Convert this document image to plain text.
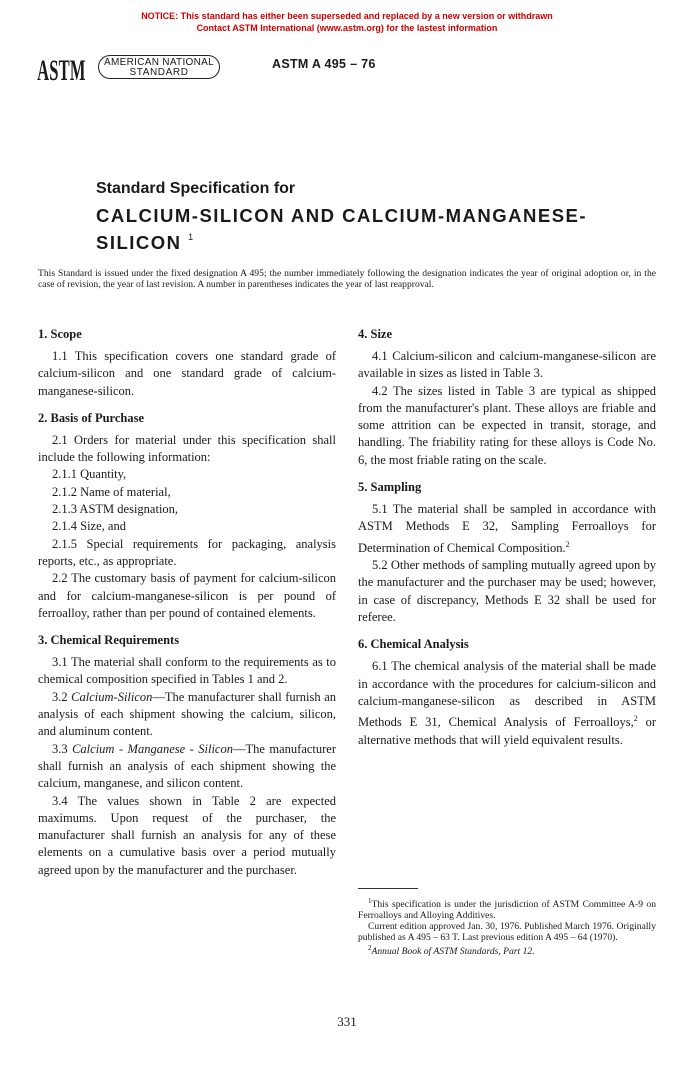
NOTICE: This standard has either been superseded and replaced by a new version or withdrawn
Contact ASTM International (www.astm.org) for the lastest information
ASTM	AMERICAN NATIONAL
STANDARD
ASTM A 495 – 76
Standard Specification for
CALCIUM-SILICON AND CALCIUM-MANGANESE-
SILICON $^1$
This Standard is issued under the fixed designation A 495; the number immediately following the designation indicates the year of original adoption or, in the case of revision, the year of last revision. A number in parentheses indicates the year of last reapproval.
1. Scope

1.1 This specification covers one standard grade of calcium-silicon and one standard grade of calcium-manganese-silicon.

2. Basis of Purchase

2.1 Orders for material under this specification shall include the following information:

2.1.1 Quantity,

2.1.2 Name of material,

2.1.3 ASTM designation,

2.1.4 Size, and

2.1.5 Special requirements for packaging, analysis reports, etc., as appropriate.

2.2 The customary basis of payment for calcium-silicon and for calcium-manganese-silicon is per pound of ferroalloy, rather than per pound of contained elements.

3. Chemical Requirements

3.1 The material shall conform to the requirements as to chemical composition specified in Tables 1 and 2.

3.2 Calcium-Silicon—The manufacturer shall furnish an analysis of each shipment showing the calcium, silicon, and aluminum content.

3.3 Calcium - Manganese - Silicon—The manufacturer shall furnish an analysis of each shipment showing the calcium, manganese, and silicon content.

3.4 The values shown in Table 2 are expected maximums. Upon request of the purchaser, the manufacturer shall furnish an analysis for any of these elements on a cumulative basis over a period mutually agreed upon by the manufacturer and the purchaser.

4. Size

4.1 Calcium-silicon and calcium-manganese-silicon are available in sizes as listed in Table 3.

4.2 The sizes listed in Table 3 are typical as shipped from the manufacturer's plant. These alloys are friable and some attrition can be expected in transit, storage, and handling. The friability rating for these alloys is Code No. 6, the most friable rating on the scale.

5. Sampling

5.1 The material shall be sampled in accordance with ASTM Methods E 32, Sampling Ferroalloys for Determination of Chemical Composition.$^2$

5.2 Other methods of sampling mutually agreed upon by the manufacturer and the purchaser may be used; however, in case of discrepancy, Methods E 32 shall be used for referee.

6. Chemical Analysis

6.1 The chemical analysis of the material shall be made in accordance with the procedures for calcium-silicon and calcium-manganese-silicon as described in ASTM Methods E 31, Chemical Analysis of Ferroalloys,$^2$ or alternative methods that will yield equivalent results.

$^1$This specification is under the jurisdiction of ASTM Committee A-9 on Ferroalloys and Alloying Additives.

Current edition approved Jan. 30, 1976. Published March 1976. Originally published as A 495 – 63 T. Last previous edition A 495 – 64 (1970).

$^2$Annual Book of ASTM Standards, Part 12.

331
